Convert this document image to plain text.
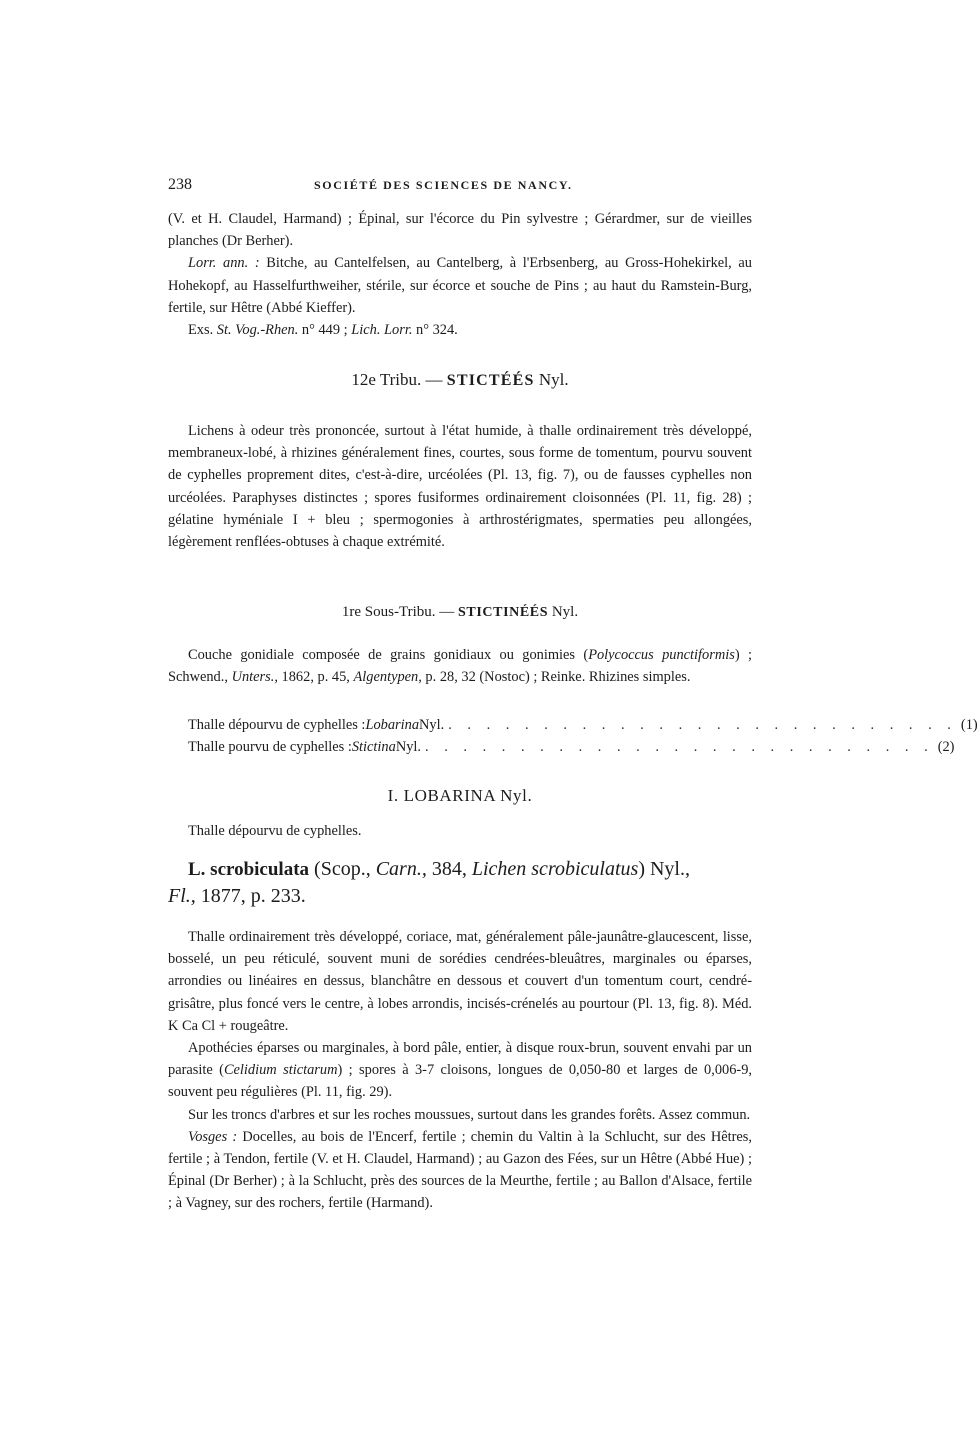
238	SOCIÉTÉ DES SCIENCES DE NANCY.

(V. et H. Claudel, Harmand) ; Épinal, sur l'écorce du Pin sylvestre ; Gérardmer, sur de vieilles planches (Dr Berher).

Lorr. ann. : Bitche, au Cantelfelsen, au Cantelberg, à l'Erbsenberg, au Gross-Hohekirkel, au Hohekopf, au Hasselfurthweiher, stérile, sur écorce et souche de Pins ; au haut du Ramstein-Burg, fertile, sur Hêtre (Abbé Kieffer).

Exs. St. Vog.-Rhen. n° 449 ; Lich. Lorr. n° 324.

12e Tribu. — STICTÉÉS Nyl.

Lichens à odeur très prononcée, surtout à l'état humide, à thalle ordinairement très développé, membraneux-lobé, à rhizines généralement fines, courtes, sous forme de tomentum, pourvu souvent de cyphelles proprement dites, c'est-à-dire, urcéolées (Pl. 13, fig. 7), ou de fausses cyphelles non urcéolées. Paraphyses distinctes ; spores fusiformes ordinairement cloisonnées (Pl. 11, fig. 28) ; gélatine hyméniale I + bleu ; spermogonies à arthrostérigmates, spermaties peu allongées, légèrement renflées-obtuses à chaque extrémité.

1re Sous-Tribu. — STICTINÉÉS Nyl.

Couche gonidiale composée de grains gonidiaux ou gonimies (Polycoccus punctiformis) ; Schwend., Unters., 1862, p. 45, Algentypen, p. 28, 32 (Nostoc) ; Reinke. Rhizines simples.

Thalle dépourvu de cyphelles : Lobarina Nyl. . . . . . . . . . . . . . . . . . . . . . . . . . . . (1)
Thalle pourvu de cyphelles : Stictina Nyl. . . . . . . . . . . . . . . . . . . . . . . . . . . . (2)
I. LOBARINA Nyl.

Thalle dépourvu de cyphelles.

L. scrobiculata (Scop., Carn., 384, Lichen scrobiculatus) Nyl.,
Fl., 1877, p. 233.

Thalle ordinairement très développé, coriace, mat, généralement pâle-jaunâtre-glaucescent, lisse, bosselé, un peu réticulé, souvent muni de sorédies cendrées-bleuâtres, marginales ou éparses, arrondies ou linéaires en dessus, blanchâtre en dessous et couvert d'un tomentum court, cendré-grisâtre, plus foncé vers le centre, à lobes arrondis, incisés-crénelés au pourtour (Pl. 13, fig. 8). Méd. K Ca Cl + rougeâtre.

Apothécies éparses ou marginales, à bord pâle, entier, à disque roux-brun, souvent envahi par un parasite (Celidium stictarum) ; spores à 3-7 cloisons, longues de 0,050-80 et larges de 0,006-9, souvent peu régulières (Pl. 11, fig. 29).

Sur les troncs d'arbres et sur les roches moussues, surtout dans les grandes forêts. Assez commun.

Vosges : Docelles, au bois de l'Encerf, fertile ; chemin du Valtin à la Schlucht, sur des Hêtres, fertile ; à Tendon, fertile (V. et H. Claudel, Harmand) ; au Gazon des Fées, sur un Hêtre (Abbé Hue) ; Épinal (Dr Berher) ; à la Schlucht, près des sources de la Meurthe, fertile ; au Ballon d'Alsace, fertile ; à Vagney, sur des rochers, fertile (Harmand).
